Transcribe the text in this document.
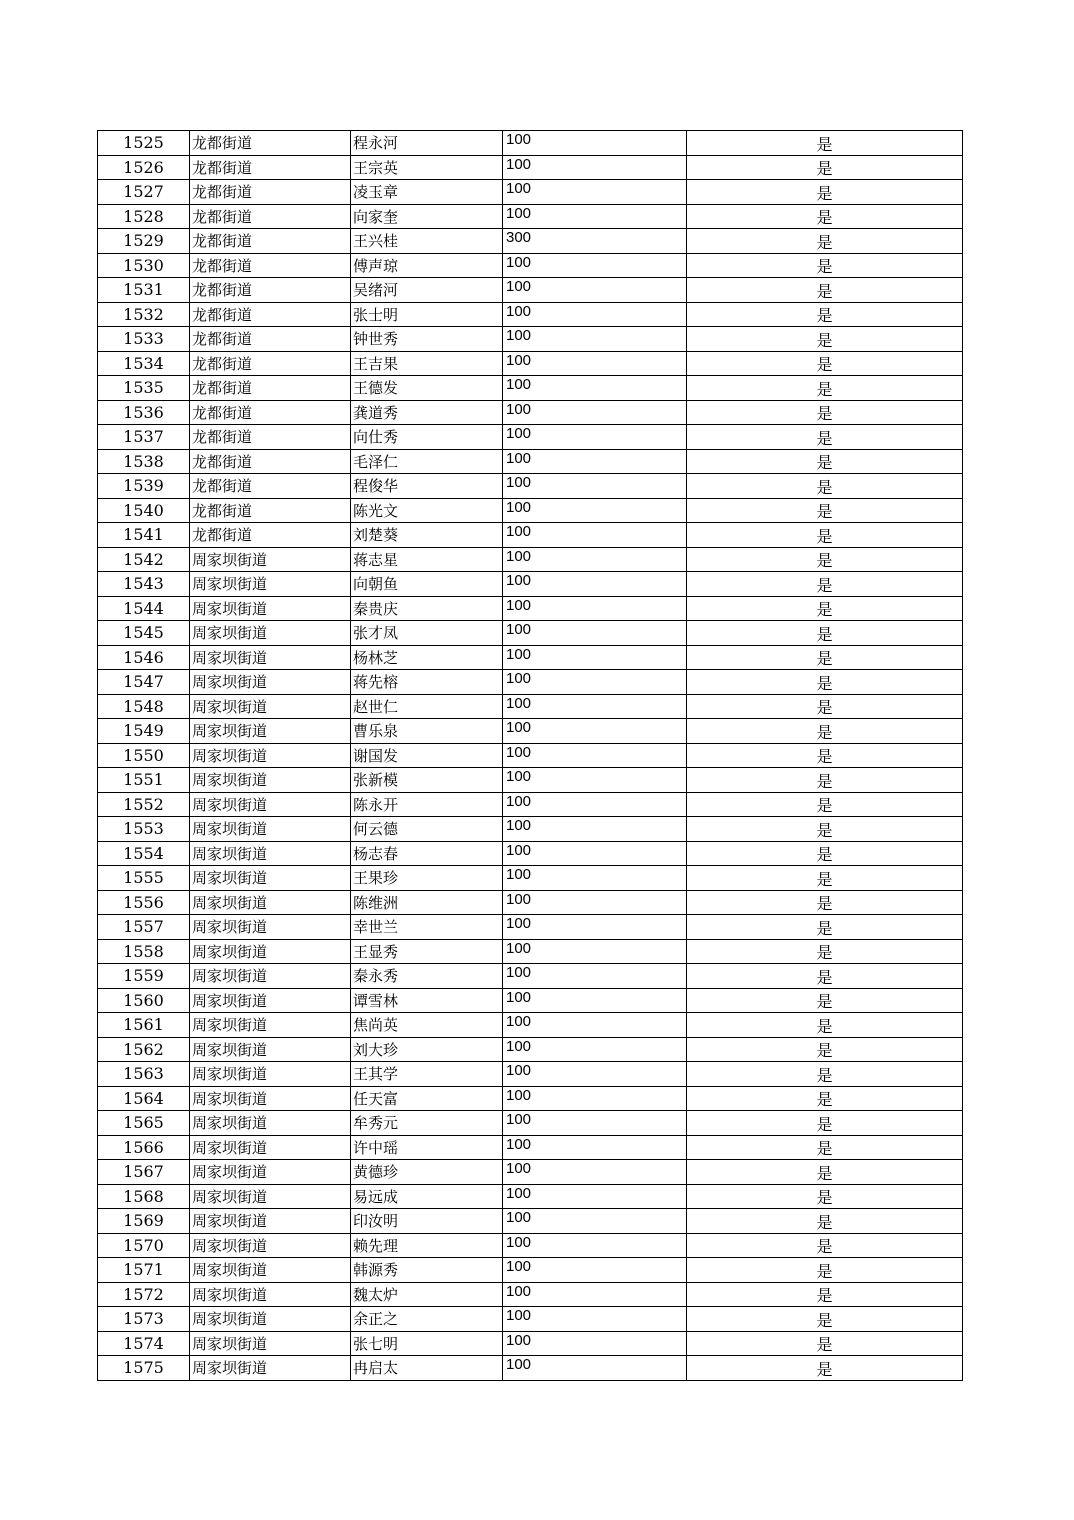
1525	龙都街道	程永河	100	是
1526	龙都街道	王宗英	100	是
1527	龙都街道	凌玉章	100	是
1528	龙都街道	向家奎	100	是
1529	龙都街道	王兴桂	300	是
1530	龙都街道	傅声琼	100	是
1531	龙都街道	吴绪河	100	是
1532	龙都街道	张士明	100	是
1533	龙都街道	钟世秀	100	是
1534	龙都街道	王吉果	100	是
1535	龙都街道	王德发	100	是
1536	龙都街道	龚道秀	100	是
1537	龙都街道	向仕秀	100	是
1538	龙都街道	毛泽仁	100	是
1539	龙都街道	程俊华	100	是
1540	龙都街道	陈光文	100	是
1541	龙都街道	刘楚葵	100	是
1542	周家坝街道	蒋志星	100	是
1543	周家坝街道	向朝鱼	100	是
1544	周家坝街道	秦贵庆	100	是
1545	周家坝街道	张才凤	100	是
1546	周家坝街道	杨林芝	100	是
1547	周家坝街道	蒋先榕	100	是
1548	周家坝街道	赵世仁	100	是
1549	周家坝街道	曹乐泉	100	是
1550	周家坝街道	谢国发	100	是
1551	周家坝街道	张新模	100	是
1552	周家坝街道	陈永开	100	是
1553	周家坝街道	何云德	100	是
1554	周家坝街道	杨志春	100	是
1555	周家坝街道	王果珍	100	是
1556	周家坝街道	陈维洲	100	是
1557	周家坝街道	幸世兰	100	是
1558	周家坝街道	王显秀	100	是
1559	周家坝街道	秦永秀	100	是
1560	周家坝街道	谭雪林	100	是
1561	周家坝街道	焦尚英	100	是
1562	周家坝街道	刘大珍	100	是
1563	周家坝街道	王其学	100	是
1564	周家坝街道	任天富	100	是
1565	周家坝街道	牟秀元	100	是
1566	周家坝街道	许中瑶	100	是
1567	周家坝街道	黄德珍	100	是
1568	周家坝街道	易远成	100	是
1569	周家坝街道	印汝明	100	是
1570	周家坝街道	赖先理	100	是
1571	周家坝街道	韩源秀	100	是
1572	周家坝街道	魏太炉	100	是
1573	周家坝街道	余正之	100	是
1574	周家坝街道	张七明	100	是
1575	周家坝街道	冉启太	100	是
